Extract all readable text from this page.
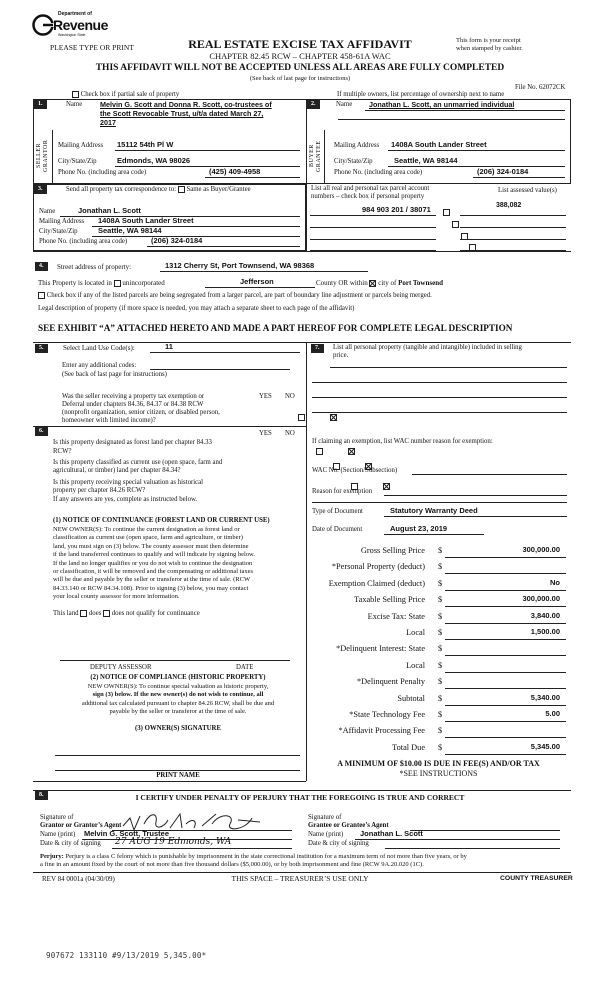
Department of
Revenue
Washington State
PLEASE TYPE OR PRINT	REAL ESTATE EXCISE TAX AFFIDAVIT
CHAPTER 82.45 RCW – CHAPTER 458-61A WAC
THIS AFFIDAVIT WILL NOT BE ACCEPTED UNLESS ALL AREAS ARE FULLY COMPLETED
(See back of last page for instructions)
This form is your receipt
when stamped by cashier.
File No. 62072CK
Check box if partial sale of property	If multiple owners, list percentage of ownership next to name
1.	2.
SELLER GRANTOR	BUYER GRANTEE
Name Melvin G. Scott and Donna R. Scott, co-trustees of
the Scott Revocable Trust, u/t/a dated March 27,
2017
Mailing Address 15112 54th Pl W
City/State/Zip	Edmonds, WA 98026
Phone No. (including area code)	(425) 409-4958
Name Jonathan L. Scott, an unmarried individual
Mailing Address 1408A South Lander Street
City/State/Zip	Seattle, WA 98144
Phone No. (including area code)	(206) 324-0184
3.	Send all property tax correspondence to: Same as Buyer/Grantee
Name	Jonathan L. Scott
Mailing Address 1408A South Lander Street
City/State/Zip	Seattle, WA 98144
Phone No. (including area code)	(206) 324-0184
List all real and personal tax parcel account
numbers – check box if personal property
List assessed value(s)
984 903 201 / 38071	388,082

4.	Street address of property:	1312 Cherry St, Port Townsend, WA 98368
This Property is located in unincorporated	Jefferson	County OR within city of Port Townsend
Check box if any of the listed parcels are being segregated from a larger parcel, are part of boundary line adjustment or parcels being merged.
Legal description of property (if more space is needed, you may attach a separate sheet to each page of the affidavit)
SEE EXHIBIT “A” ATTACHED HERETO AND MADE A PART HEREOF FOR COMPLETE LEGAL DESCRIPTION
5.	Select Land Use Code(s):	11
Enter any additional codes:
(See back of last page for instructions)
Was the seller receiving a property tax exemption or
Deferral under chapters 84.36, 84.37 or 84.38 RCW
(nonprofit organization, senior citizen, or disabled person,
homeowner with limited income)?
YES NO

6.	YES NO
Is this property designated as forest land per chapter 84.33
RCW?

Is this property classified as current use (open space, farm and
agricultural, or timber) land per chapter 84.34?

Is this property receiving special valuation as historical
property per chapter 84.26 RCW?

If any answers are yes, complete as instructed below.
(1) NOTICE OF CONTINUANCE (FOREST LAND OR CURRENT USE)
NEW OWNER(S): To continue the current designation as forest land or
classification as current use (open space, farm and agriculture, or timber)
land, you must sign on (3) below. The county assessor must then determine
if the land transferred continues to qualify and will indicate by signing below.
If the land no longer qualifies or you do not wish to continue the designation
or classification, it will be removed and the compensating or additional taxes
will be due and payable by the seller or transferor at the time of sale. (RCW
84.33.140 or RCW 84.34.108). Prior to signing (3) below, you may contact
your local county assessor for more information.
This land does does not qualify for continuance
DEPUTY ASSESSOR	DATE
(2) NOTICE OF COMPLIANCE (HISTORIC PROPERTY)
NEW OWNER(S): To continue special valuation as historic property,
sign (3) below. If the new owner(s) do not wish to continue, all
additional tax calculated pursuant to chapter 84.26 RCW, shall be due and
payable by the seller or transferor at the time of sale.
(3) OWNER(S) SIGNATURE
PRINT NAME
7.	List all personal property (tangible and intangible) included in selling
price.
If claiming an exemption, list WAC number reason for exemption:
WAC No. (Section/Subsection)
Reason for exemption
Type of Document	Statutory Warranty Deed
Date of Document	August 23, 2019
Gross Selling Price $	300,000.00
*Personal Property (deduct) $
Exemption Claimed (deduct) $	No
Taxable Selling Price $	300,000.00
Excise Tax: State $	3,840.00
Local $	1,500.00
*Delinquent Interest: State $
Local $
*Delinquent Penalty $
Subtotal $	5,340.00
*State Technology Fee $	5.00
*Affidavit Processing Fee $
Total Due $	5,345.00
A MINIMUM OF $10.00 IS DUE IN FEE(S) AND/OR TAX
*SEE INSTRUCTIONS
8.	I CERTIFY UNDER PENALTY OF PERJURY THAT THE FOREGOING IS TRUE AND CORRECT
Signature of
Grantor or Grantor’s Agent
Name (print) Melvin G. Scott, Trustee
Date & city of signing 27 AUG 19 Edmonds, WA
Signature of
Grantee or Grantee’s Agent
Name (print) Jonathan L. Scott
Date & city of signing
Perjury: Perjury is a class C felony which is punishable by imprisonment in the state correctional institution for a maximum term of not more than five years, or by
a fine in an amount fixed by the court of not more than five thousand dollars ($5,000.00), or by both imprisonment and fine (RCW 9A.20.020 (1C).
REV 84 0001a (04/30/09)	THIS SPACE – TREASURER’S USE ONLY	COUNTY TREASURER
907672 133110 #9/13/2019 5,345.00*
